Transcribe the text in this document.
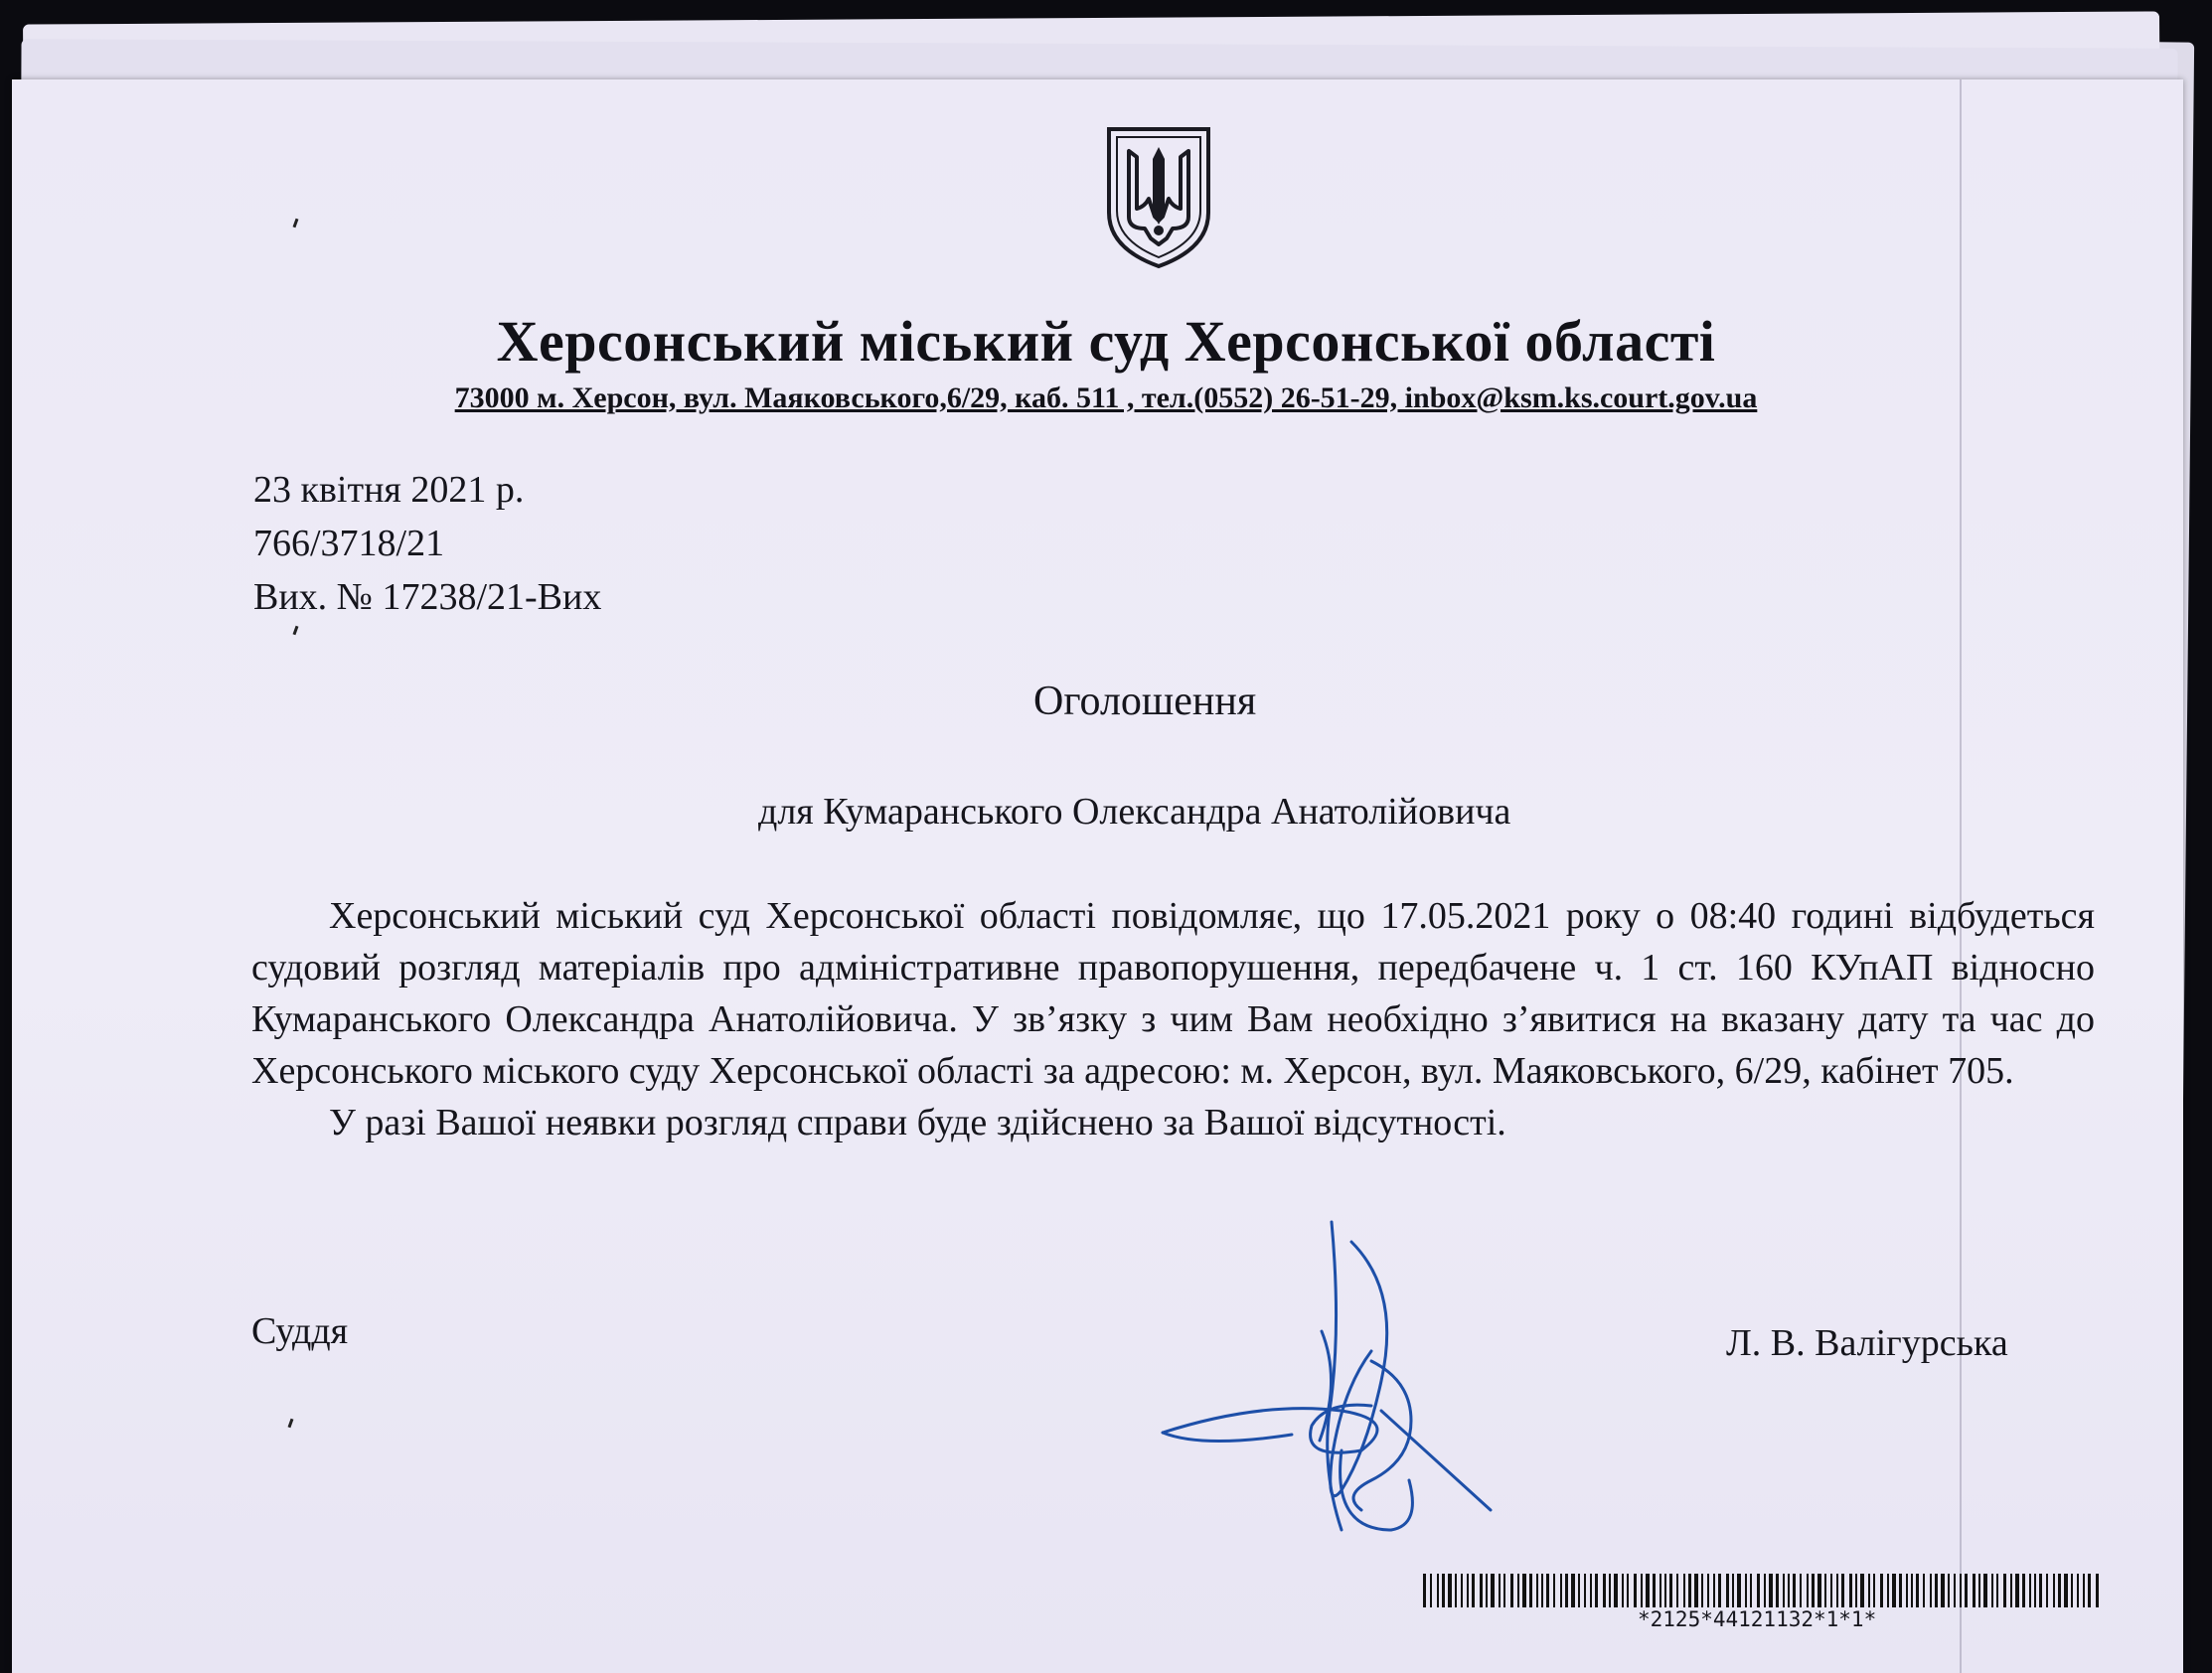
Херсонський міський суд Херсонської області
73000 м. Херсон, вул. Маяковського,6/29, каб. 511 , тел.(0552) 26-51-29, inbox@ksm.ks.court.gov.ua
23 квітня 2021 р.
766/3718/21
Вих. № 17238/21-Вих
Оголошення
для Кумаранського Олександра Анатолійовича

Херсонський міський суд Херсонської області повідомляє, що 17.05.2021 року о 08:40 годині відбудеться судовий розгляд матеріалів про адміністративне правопорушення, передбачене ч. 1 ст. 160 КУпАП відносно Кумаранського Олександра Анатолійовича. У зв’язку з чим Вам необхідно з’явитися на вказану дату та час до Херсонського міського суду Херсонської області за адресою: м. Херсон, вул. Маяковського, 6/29, кабінет 705.

У разі Вашої неявки розгляд справи буде здійснено за Вашої відсутності.

Суддя	Л. В. Валігурська
*2125*44121132*1*1*
